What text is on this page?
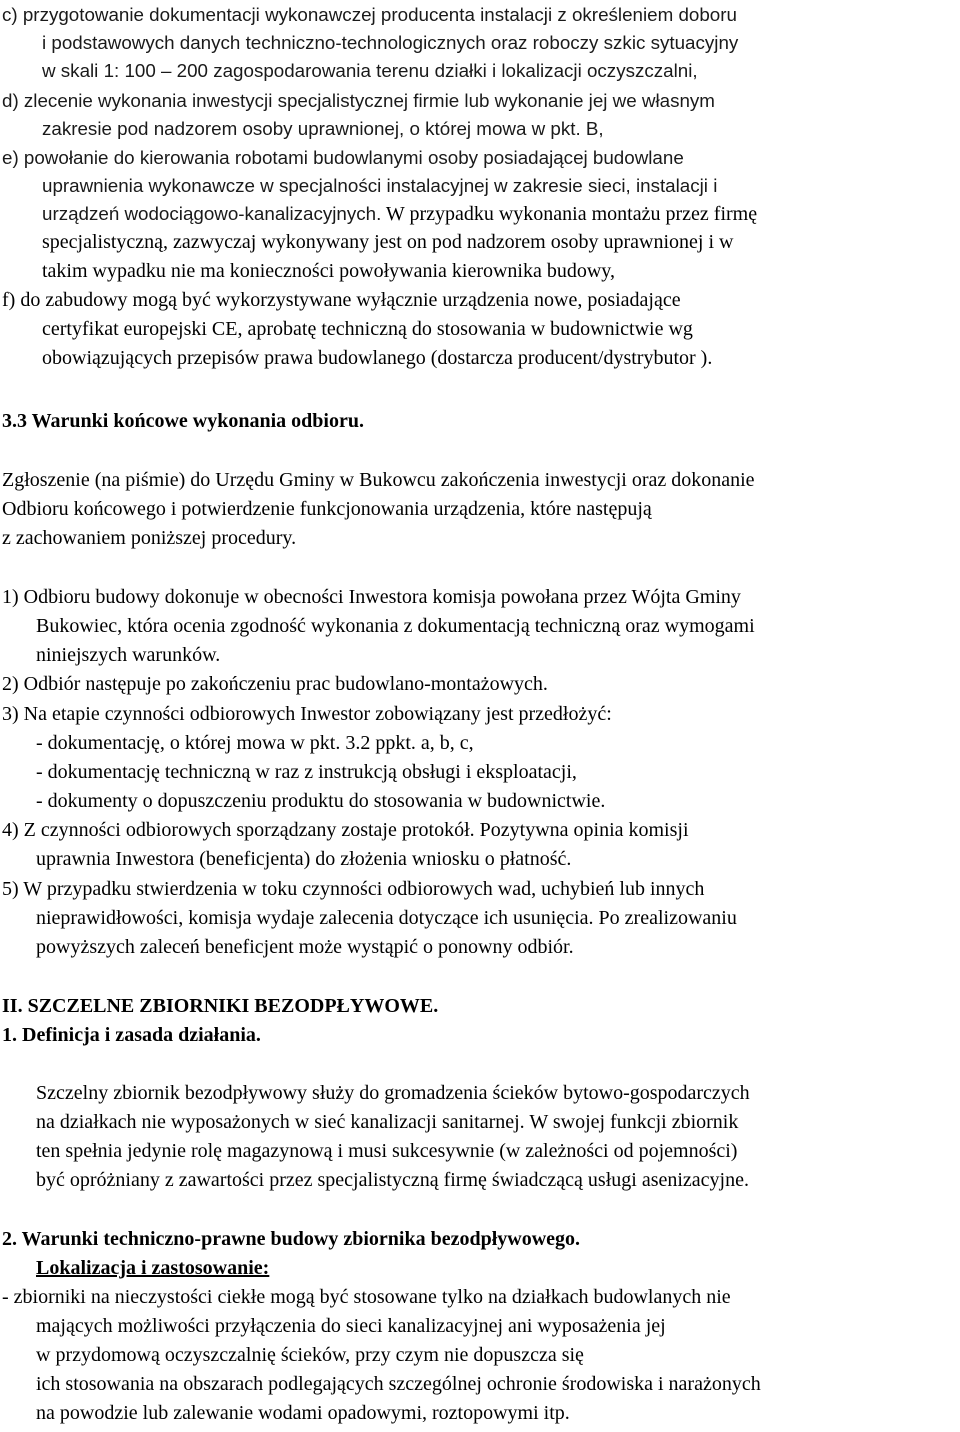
c) przygotowanie dokumentacji wykonawczej producenta instalacji z określeniem doboru
i podstawowych danych techniczno-technologicznych oraz roboczy szkic sytuacyjny
w skali 1: 100 – 200 zagospodarowania terenu działki i lokalizacji oczyszczalni,
d) zlecenie wykonania inwestycji specjalistycznej firmie lub wykonanie jej we własnym
zakresie pod nadzorem osoby uprawnionej, o której mowa w pkt. B,
e) powołanie do kierowania robotami budowlanymi osoby posiadającej budowlane
uprawnienia wykonawcze w specjalności instalacyjnej w zakresie sieci, instalacji i
urządzeń wodociągowo-kanalizacyjnych. W przypadku wykonania montażu przez firmę
specjalistyczną, zazwyczaj wykonywany jest on pod nadzorem osoby uprawnionej i w
takim wypadku nie ma konieczności powoływania kierownika budowy,
f) do zabudowy mogą być wykorzystywane wyłącznie urządzenia nowe, posiadające
certyfikat europejski CE, aprobatę techniczną do stosowania w budownictwie wg
obowiązujących przepisów prawa budowlanego (dostarcza producent/dystrybutor ).
3.3 Warunki końcowe wykonania odbioru.
Zgłoszenie (na piśmie) do Urzędu Gminy w Bukowcu zakończenia inwestycji oraz dokonanie
Odbioru końcowego i potwierdzenie funkcjonowania urządzenia, które następują
z zachowaniem poniższej procedury.
1) Odbioru budowy dokonuje w obecności Inwestora komisja powołana przez Wójta Gminy
Bukowiec, która ocenia zgodność wykonania z dokumentacją techniczną oraz wymogami
niniejszych warunków.
2) Odbiór następuje po zakończeniu prac budowlano-montażowych.
3) Na etapie czynności odbiorowych Inwestor zobowiązany jest przedłożyć:
- dokumentację, o której mowa w pkt. 3.2 ppkt. a, b, c,
- dokumentację techniczną w raz z instrukcją obsługi i eksploatacji,
- dokumenty o dopuszczeniu produktu do stosowania w budownictwie.
4) Z czynności odbiorowych sporządzany zostaje protokół. Pozytywna opinia komisji
uprawnia Inwestora (beneficjenta) do złożenia wniosku o płatność.
5) W przypadku stwierdzenia w toku czynności odbiorowych wad, uchybień lub innych
nieprawidłowości, komisja wydaje zalecenia dotyczące ich usunięcia. Po zrealizowaniu
powyższych zaleceń beneficjent może wystąpić o ponowny odbiór.
II. SZCZELNE ZBIORNIKI BEZODPŁYWOWE.
1. Definicja i zasada działania.
Szczelny zbiornik bezodpływowy służy do gromadzenia ścieków bytowo-gospodarczych
na działkach nie wyposażonych w sieć kanalizacji sanitarnej. W swojej funkcji zbiornik
ten spełnia jedynie rolę magazynową i musi sukcesywnie (w zależności od pojemności)
być opróżniany z zawartości przez specjalistyczną firmę świadczącą usługi asenizacyjne.
2. Warunki techniczno-prawne budowy zbiornika bezodpływowego.
Lokalizacja i zastosowanie:
- zbiorniki na nieczystości ciekłe mogą być stosowane tylko na działkach budowlanych nie
mających możliwości przyłączenia do sieci kanalizacyjnej ani wyposażenia jej
w przydomową oczyszczalnię ścieków, przy czym nie dopuszcza się
ich stosowania na obszarach podlegających szczególnej ochronie środowiska i narażonych
na powodzie lub zalewanie wodami opadowymi, roztopowymi itp.
